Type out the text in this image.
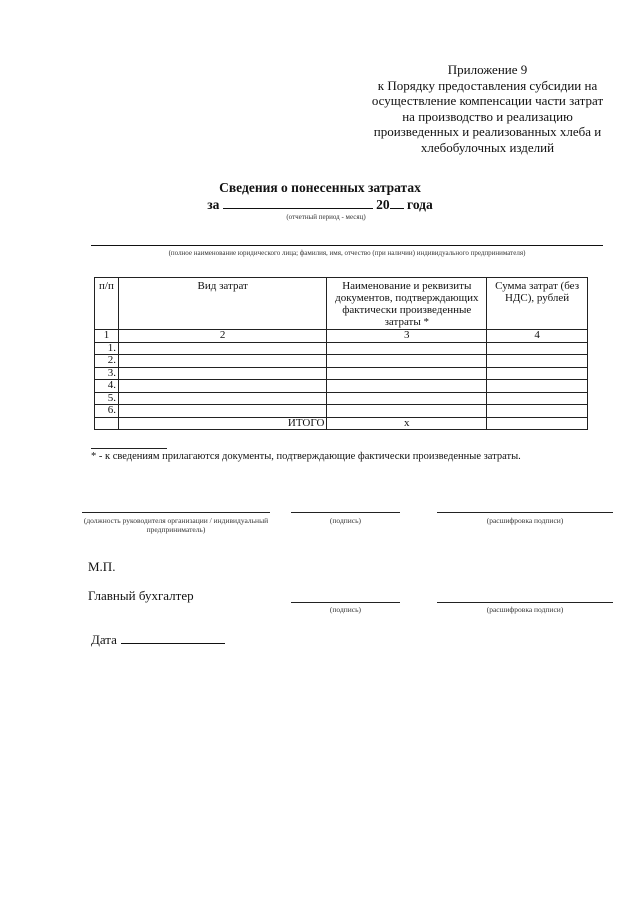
Приложение 9
к Порядку предоставления субсидии на
осуществление компенсации части затрат
на производство и реализацию
произведенных и реализованных хлеба и
хлебобулочных изделий
Сведения о понесенных затратах
за	20 года
(отчетный период - месяц)
(полное наименование юридического лица; фамилия, имя, отчество (при наличии) индивидуального предпринимателя)
п/п	Вид затрат	Наименование и реквизиты документов, подтверждающих фактически произведенные затраты *	Сумма затрат (без НДС), рублей
1	2	3	4
1.			
2.			
3.			
4.			
5.			
6.			
	ИТОГО	х	
* - к сведениям прилагаются документы, подтверждающие фактически произведенные затраты.
(должность руководителя организации / индивидуальный предприниматель)
(подпись)	(расшифровка подписи)
М.П.
Главный бухгалтер
(подпись)	(расшифровка подписи)
Дата
